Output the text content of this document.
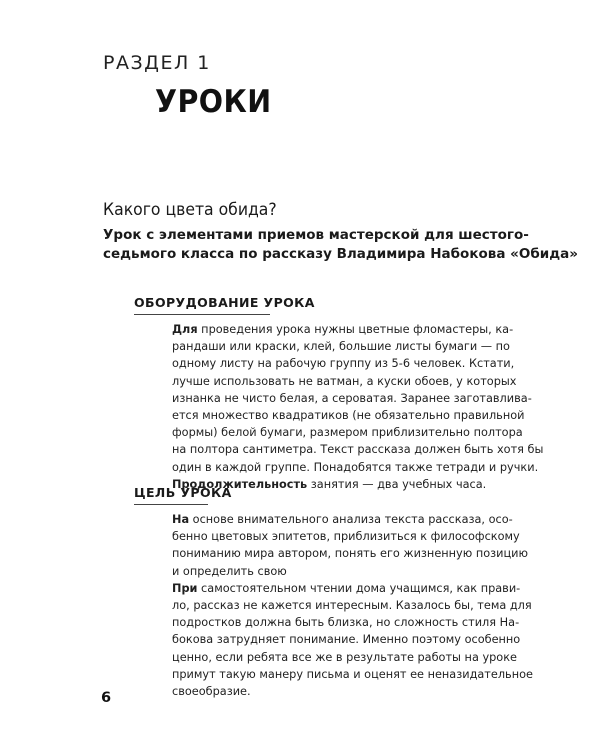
РАЗДЕЛ 1
УРОКИ
Какого цвета обида?
Урок с элементами приемов мастерской для шестого-
седьмого класса по рассказу Владимира Набокова «Обида»
ОБОРУДОВАНИЕ УРОКА
Для проведения урока нужны цветные фломастеры, ка-
рандаши или краски, клей, большие листы бумаги — по
одному листу на рабочую группу из 5-6 человек. Кстати,
лучше использовать не ватман, а куски обоев, у которых
изнанка не чисто белая, а сероватая. Заранее заготавлива-
ется множество квадратиков (не обязательно правильной
формы) белой бумаги, размером приблизительно полтора
на полтора сантиметра. Текст рассказа должен быть хотя бы
один в каждой группе. Понадобятся также тетради и ручки.
Продолжительность занятия — два учебных часа.
ЦЕЛЬ УРОКА
На основе внимательного анализа текста рассказа, осо-
бенно цветовых эпитетов, приблизиться к философскому
пониманию мира автором, понять его жизненную позицию
и определить свою
При самостоятельном чтении дома учащимся, как прави-
ло, рассказ не кажется интересным. Казалось бы, тема для
подростков должна быть близка, но сложность стиля На-
бокова затрудняет понимание. Именно поэтому особенно
ценно, если ребята все же в результате работы на уроке
примут такую манеру письма и оценят ее неназидательное
своеобразие.
6
